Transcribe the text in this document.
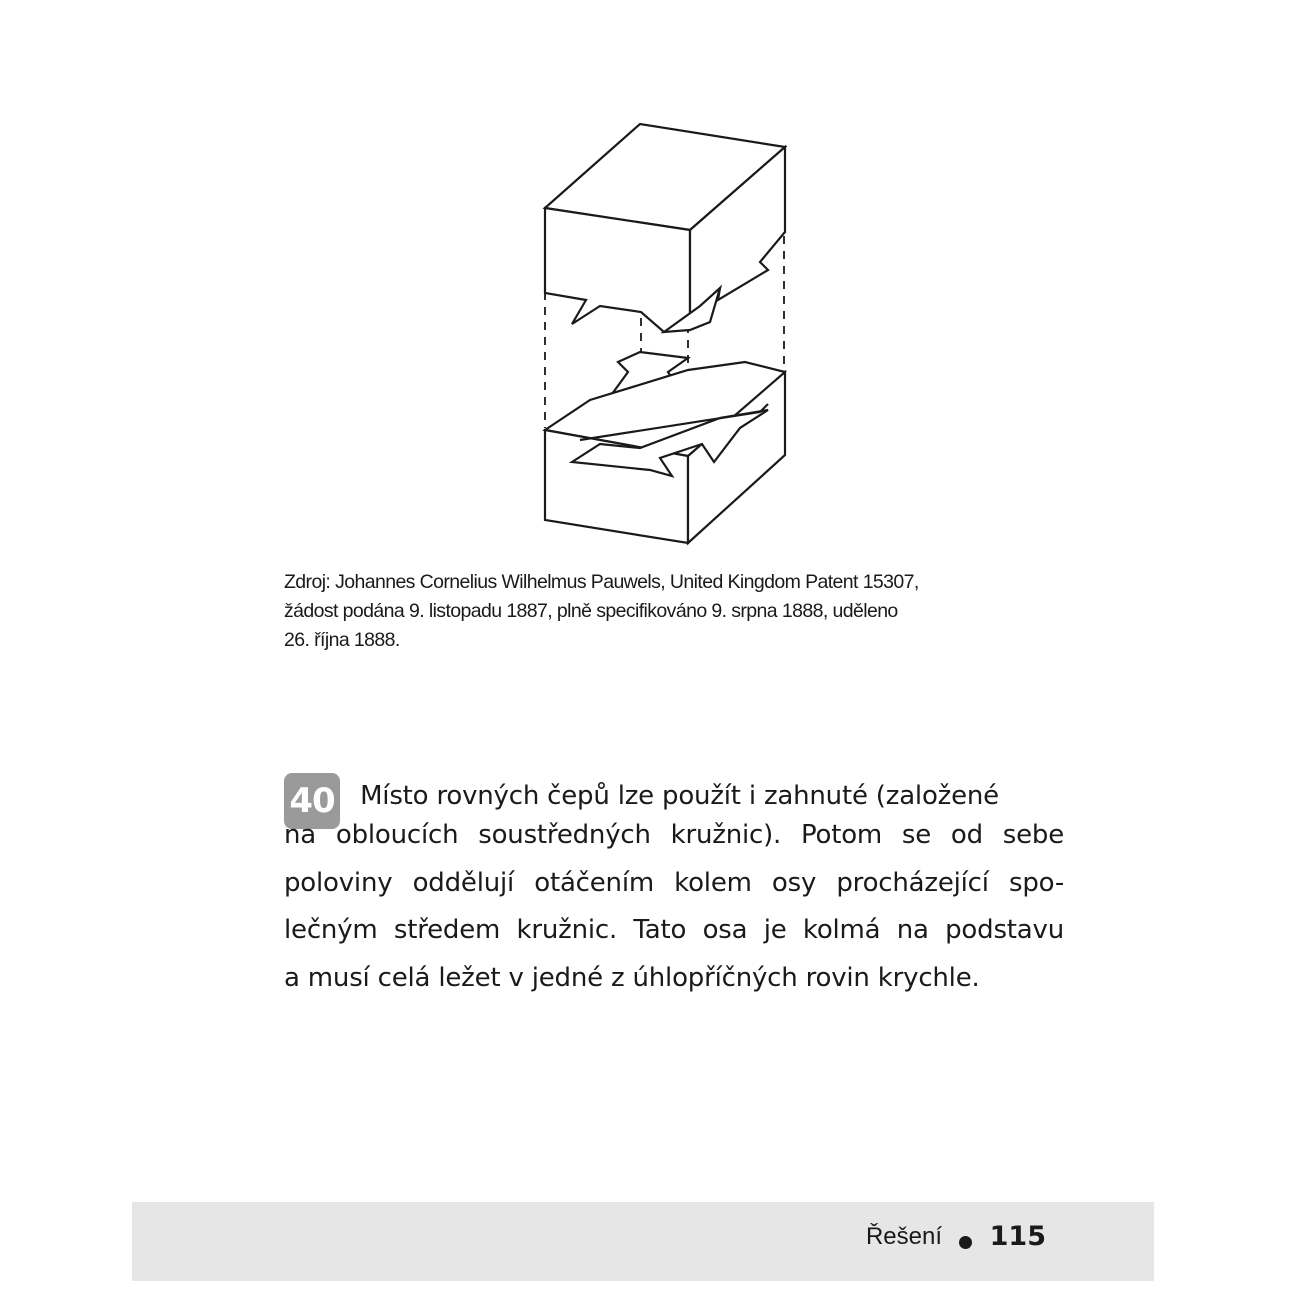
Zdroj: Johannes Cornelius Wilhelmus Pauwels, United Kingdom Patent 15307,
žádost podána 9. listopadu 1887, plně specifikováno 9. srpna 1888, uděleno
26. října 1888.
40 Místo rovných čepů lze použít i zahnuté (založené
na obloucích soustředných kružnic). Potom se od sebe
poloviny oddělují otáčením kolem osy procházející spo-
lečným středem kružnic. Tato osa je kolmá na podstavu
a musí celá ležet v jedné z úhlopříčných rovin krychle.
Řešení 115
